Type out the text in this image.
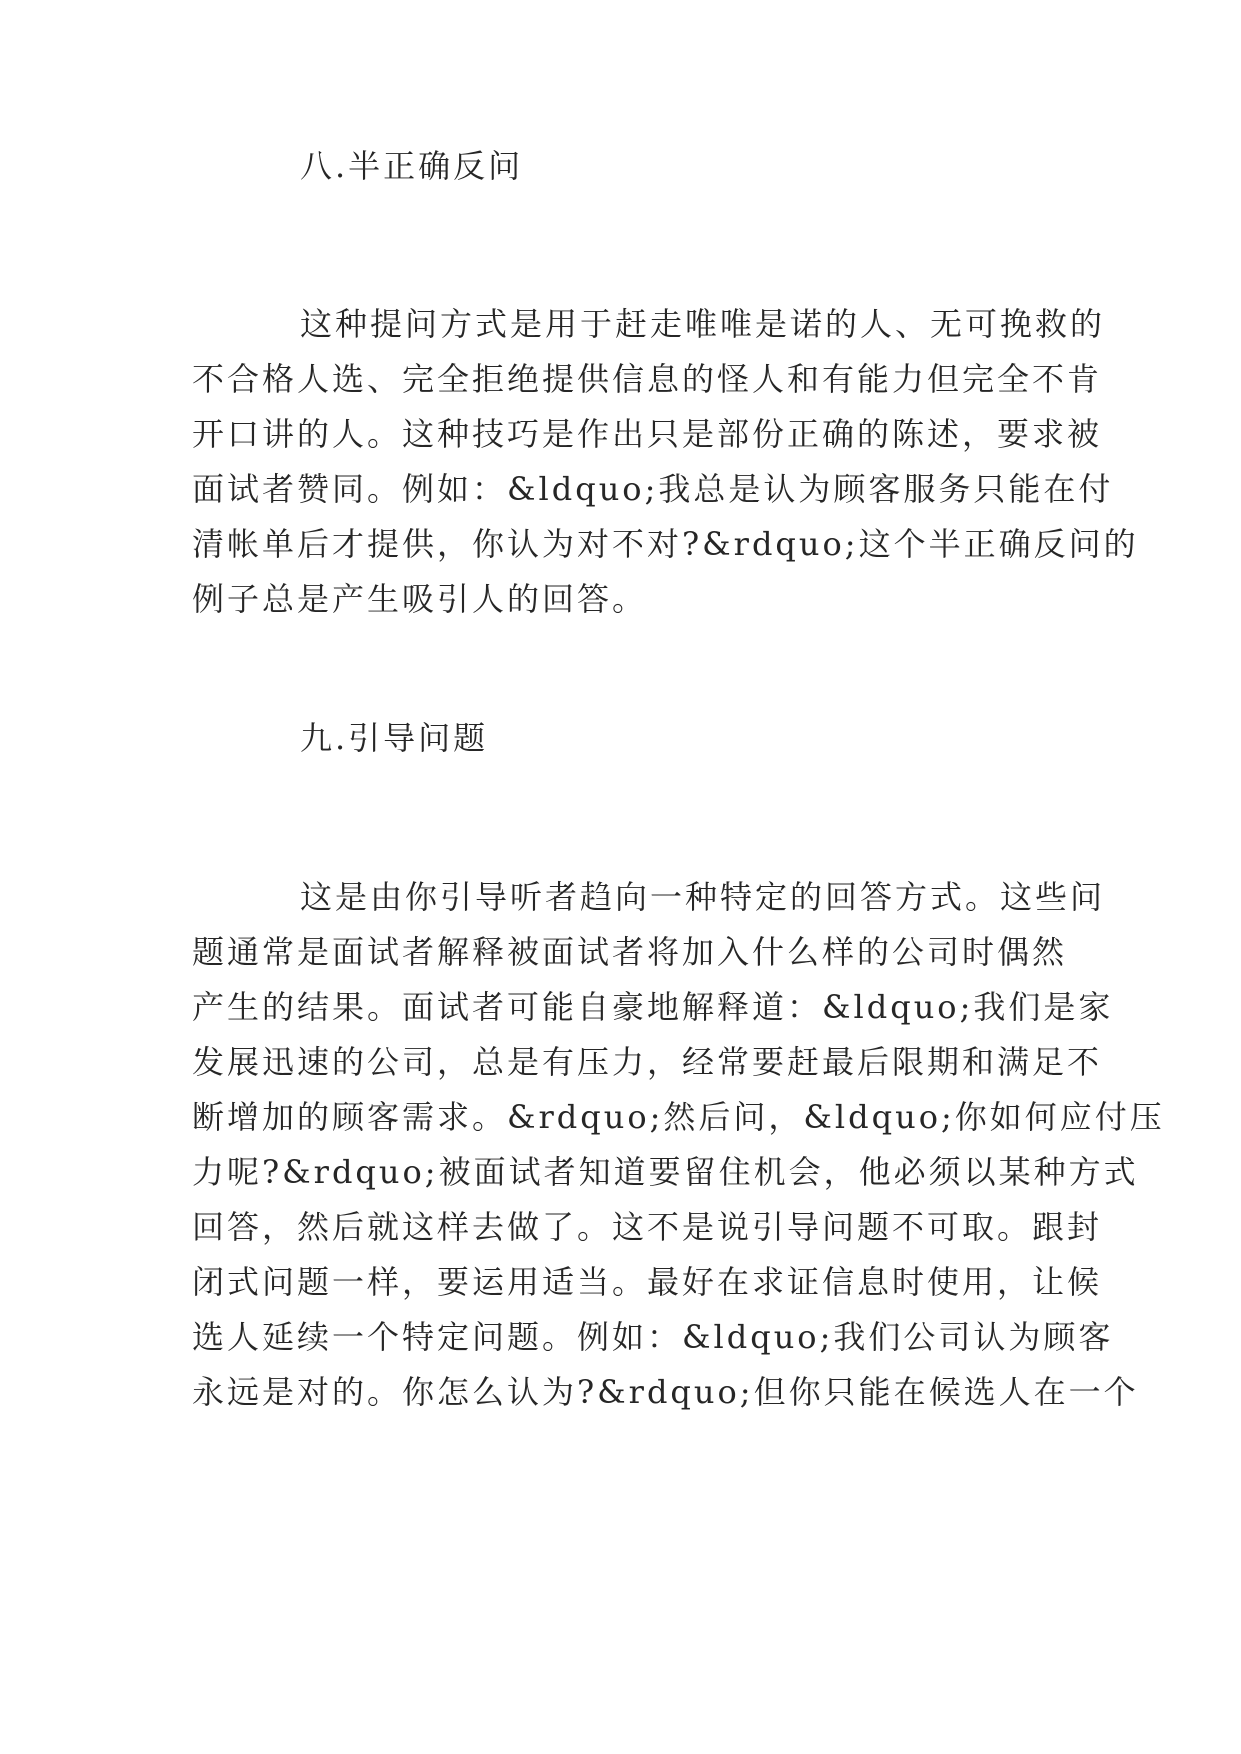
八.半正确反问
这种提问方式是用于赶走唯唯是诺的人、无可挽救的
不合格人选、完全拒绝提供信息的怪人和有能力但完全不肯
开口讲的人。这种技巧是作出只是部份正确的陈述，要求被
面试者赞同。例如：&ldquo;我总是认为顾客服务只能在付
清帐单后才提供，你认为对不对?&rdquo;这个半正确反问的
例子总是产生吸引人的回答。
九.引导问题
这是由你引导听者趋向一种特定的回答方式。这些问
题通常是面试者解释被面试者将加入什么样的公司时偶然
产生的结果。面试者可能自豪地解释道：&ldquo;我们是家
发展迅速的公司，总是有压力，经常要赶最后限期和满足不
断增加的顾客需求。&rdquo;然后问，&ldquo;你如何应付压
力呢?&rdquo;被面试者知道要留住机会，他必须以某种方式
回答，然后就这样去做了。这不是说引导问题不可取。跟封
闭式问题一样，要运用适当。最好在求证信息时使用，让候
选人延续一个特定问题。例如：&ldquo;我们公司认为顾客
永远是对的。你怎么认为?&rdquo;但你只能在候选人在一个
